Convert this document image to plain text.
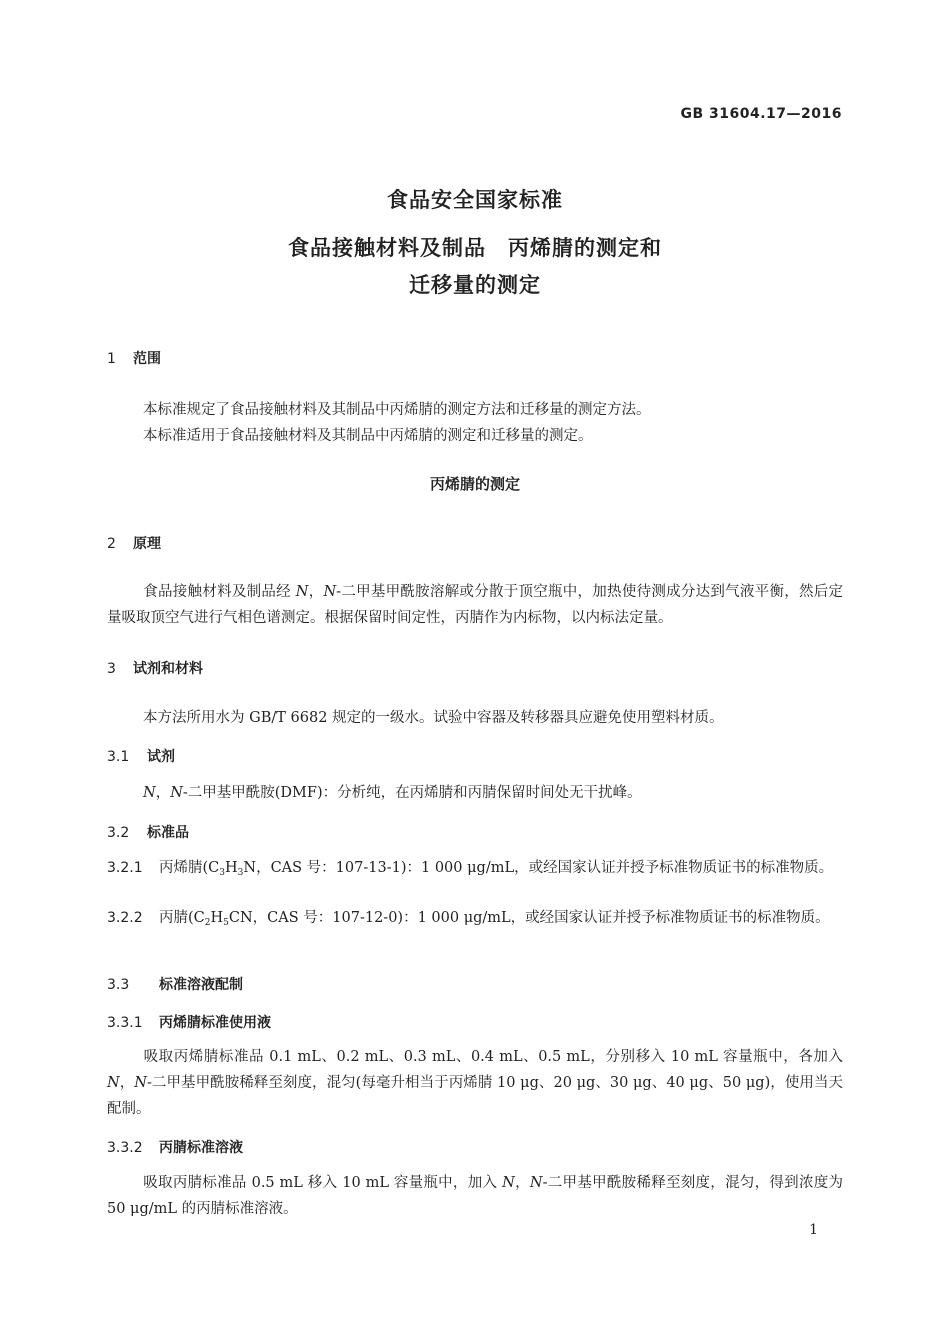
GB 31604.17—2016
食品安全国家标准
食品接触材料及制品　丙烯腈的测定和
迁移量的测定
1 范围
本标准规定了食品接触材料及其制品中丙烯腈的测定方法和迁移量的测定方法。
本标准适用于食品接触材料及其制品中丙烯腈的测定和迁移量的测定。
丙烯腈的测定
2 原理
食品接触材料及制品经 N，N-二甲基甲酰胺溶解或分散于顶空瓶中，加热使待测成分达到气液平衡，然后定量吸取顶空气进行气相色谱测定。根据保留时间定性，丙腈作为内标物，以内标法定量。
3 试剂和材料
本方法所用水为 GB/T 6682 规定的一级水。试验中容器及转移器具应避免使用塑料材质。
3.1 试剂
N，N-二甲基甲酰胺(DMF)：分析纯，在丙烯腈和丙腈保留时间处无干扰峰。
3.2 标准品
3.2.1 丙烯腈($C_3H_3N$，CAS 号：107-13-1)：1 000 μg/mL，或经国家认证并授予标准物质证书的标准物质。
3.2.2 丙腈($C_2H_5CN$，CAS 号：107-12-0)：1 000 μg/mL，或经国家认证并授予标准物质证书的标准物质。
3.3 标准溶液配制
3.3.1 丙烯腈标准使用液
吸取丙烯腈标准品 0.1 mL、0.2 mL、0.3 mL、0.4 mL、0.5 mL，分别移入 10 mL 容量瓶中，各加入 N，N-二甲基甲酰胺稀释至刻度，混匀(每毫升相当于丙烯腈 10 μg、20 μg、30 μg、40 μg、50 μg)，使用当天配制。
3.3.2 丙腈标准溶液
吸取丙腈标准品 0.5 mL 移入 10 mL 容量瓶中，加入 N，N-二甲基甲酰胺稀释至刻度，混匀，得到浓度为 50 μg/mL 的丙腈标准溶液。
1
